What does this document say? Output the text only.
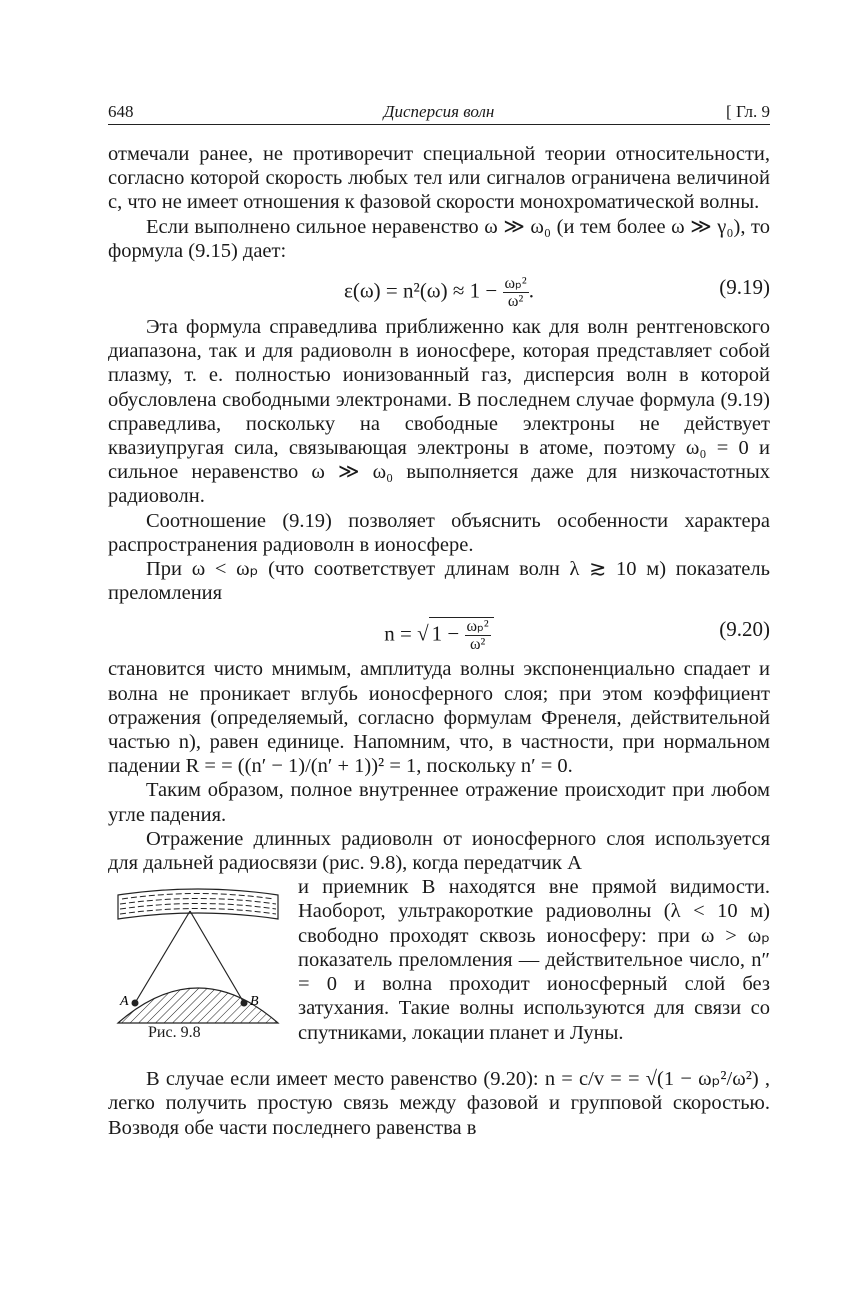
648	Дисперсия волн	[ Гл. 9

отмечали ранее, не противоречит специальной теории относительности, согласно которой скорость любых тел или сигналов ограничена величиной c, что не имеет отношения к фазовой скорости монохроматической волны.

Если выполнено сильное неравенство ω ≫ ω₀ (и тем более ω ≫ γ₀), то формула (9.15) дает:

$\varepsilon(\omega) = n^2(\omega) \approx 1 - \frac{\text{ωₚ²}}{\text{ω²}}$ .	(9.19)

Эта формула справедлива приближенно как для волн рентгеновского диапазона, так и для радиоволн в ионосфере, которая представляет собой плазму, т. е. полностью ионизованный газ, дисперсия волн в которой обусловлена свободными электронами. В последнем случае формула (9.19) справедлива, поскольку на свободные электроны не действует квазиупругая сила, связывающая электроны в атоме, поэтому ω₀ = 0 и сильное неравенство ω ≫ ω₀ выполняется даже для низкочастотных радиоволн.

Соотношение (9.19) позволяет объяснить особенности характера распространения радиоволн в ионосфере.

При ω < ωₚ (что соответствует длинам волн λ ≳ 10 м) показатель преломления

n = √ $1 - \frac{\text{ωₚ²}}{\text{ω²}}$	(9.20)

становится чисто мнимым, амплитуда волны экспоненциально спадает и волна не проникает вглубь ионосферного слоя; при этом коэффициент отражения (определяемый, согласно формулам Френеля, действительной частью n), равен единице. Напомним, что, в частности, при нормальном падении R = = ((n′ − 1)/(n′ + 1))² = 1, поскольку n′ = 0.

Таким образом, полное внутреннее отражение происходит при любом угле падения.

Отражение длинных радиоволн от ионосферного слоя используется для дальней радиосвязи (рис. 9.8), когда передатчик A

A	B
Рис. 9.8

и приемник B находятся вне прямой видимости. Наоборот, ультракороткие радиоволны (λ < 10 м) свободно проходят сквозь ионосферу: при ω > ωₚ показатель преломления — действительное число, n″ = 0 и волна проходит ионосферный слой без затухания. Такие волны используются для связи со спутниками, локации планет и Луны.

В случае если имеет место равенство (9.20): n = c/v = = √(1 − ωₚ²/ω²) , легко получить простую связь между фазовой и групповой скоростью. Возводя обе части последнего равенства в
